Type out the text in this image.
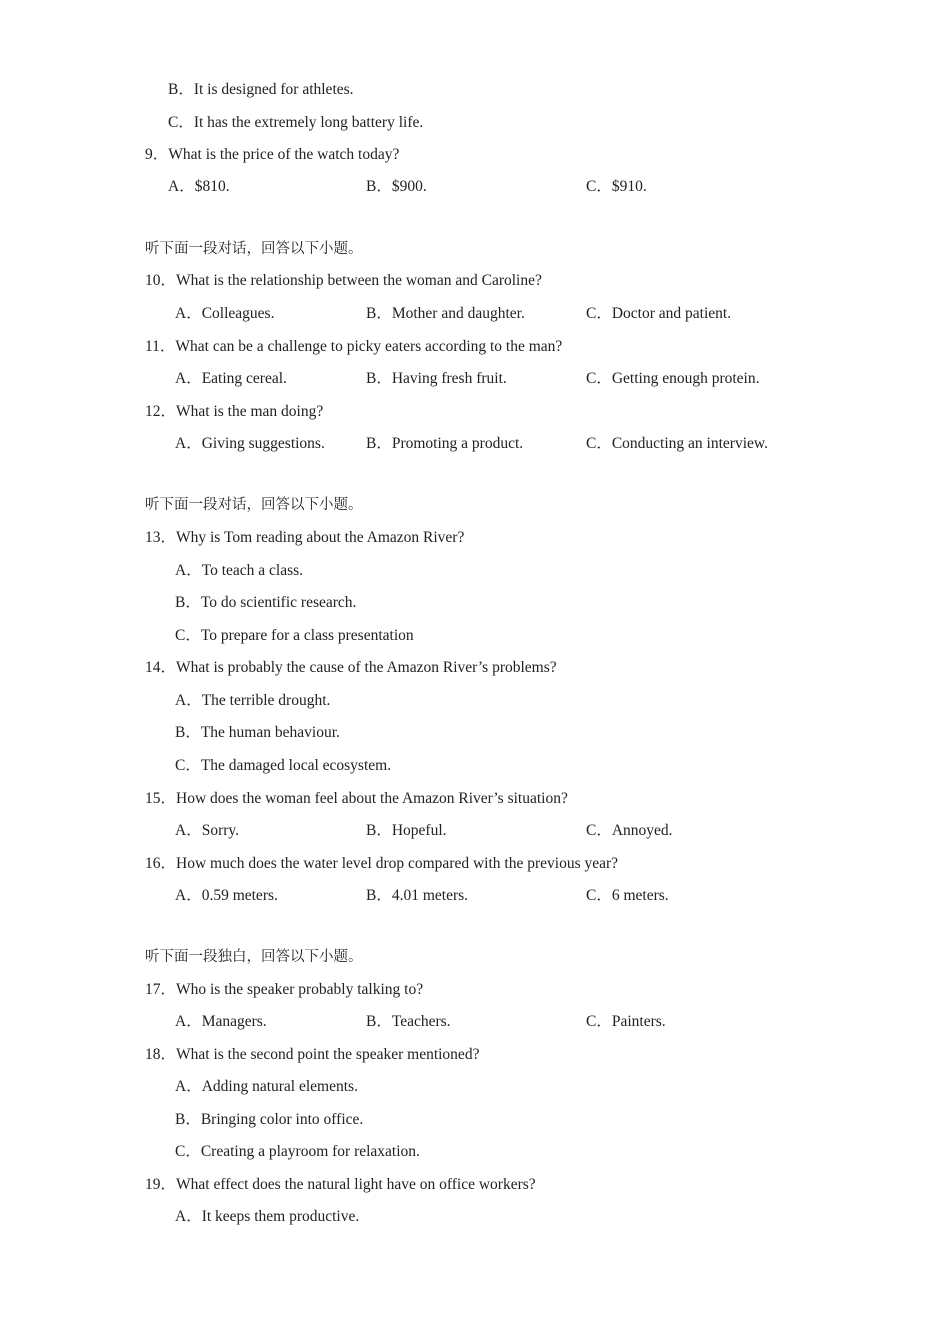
B．It is designed for athletes.
C．It has the extremely long battery life.
9．What is the price of the watch today?
A．$810.	B．$900.	C．$910.
听下面一段对话，回答以下小题。
10．What is the relationship between the woman and Caroline?
A．Colleagues.	B．Mother and daughter.	C．Doctor and patient.
11．What can be a challenge to picky eaters according to the man?
A．Eating cereal.	B．Having fresh fruit.	C．Getting enough protein.
12．What is the man doing?
A．Giving suggestions.	B．Promoting a product.	C．Conducting an interview.
听下面一段对话，回答以下小题。
13．Why is Tom reading about the Amazon River?
A．To teach a class.
B．To do scientific research.
C．To prepare for a class presentation
14．What is probably the cause of the Amazon River’s problems?
A．The terrible drought.
B．The human behaviour.
C．The damaged local ecosystem.
15．How does the woman feel about the Amazon River’s situation?
A．Sorry.	B．Hopeful.	C．Annoyed.
16．How much does the water level drop compared with the previous year?
A．0.59 meters.	B．4.01 meters.	C．6 meters.
听下面一段独白，回答以下小题。
17．Who is the speaker probably talking to?
A．Managers.	B．Teachers.	C．Painters.
18．What is the second point the speaker mentioned?
A．Adding natural elements.
B．Bringing color into office.
C．Creating a playroom for relaxation.
19．What effect does the natural light have on office workers?
A．It keeps them productive.
